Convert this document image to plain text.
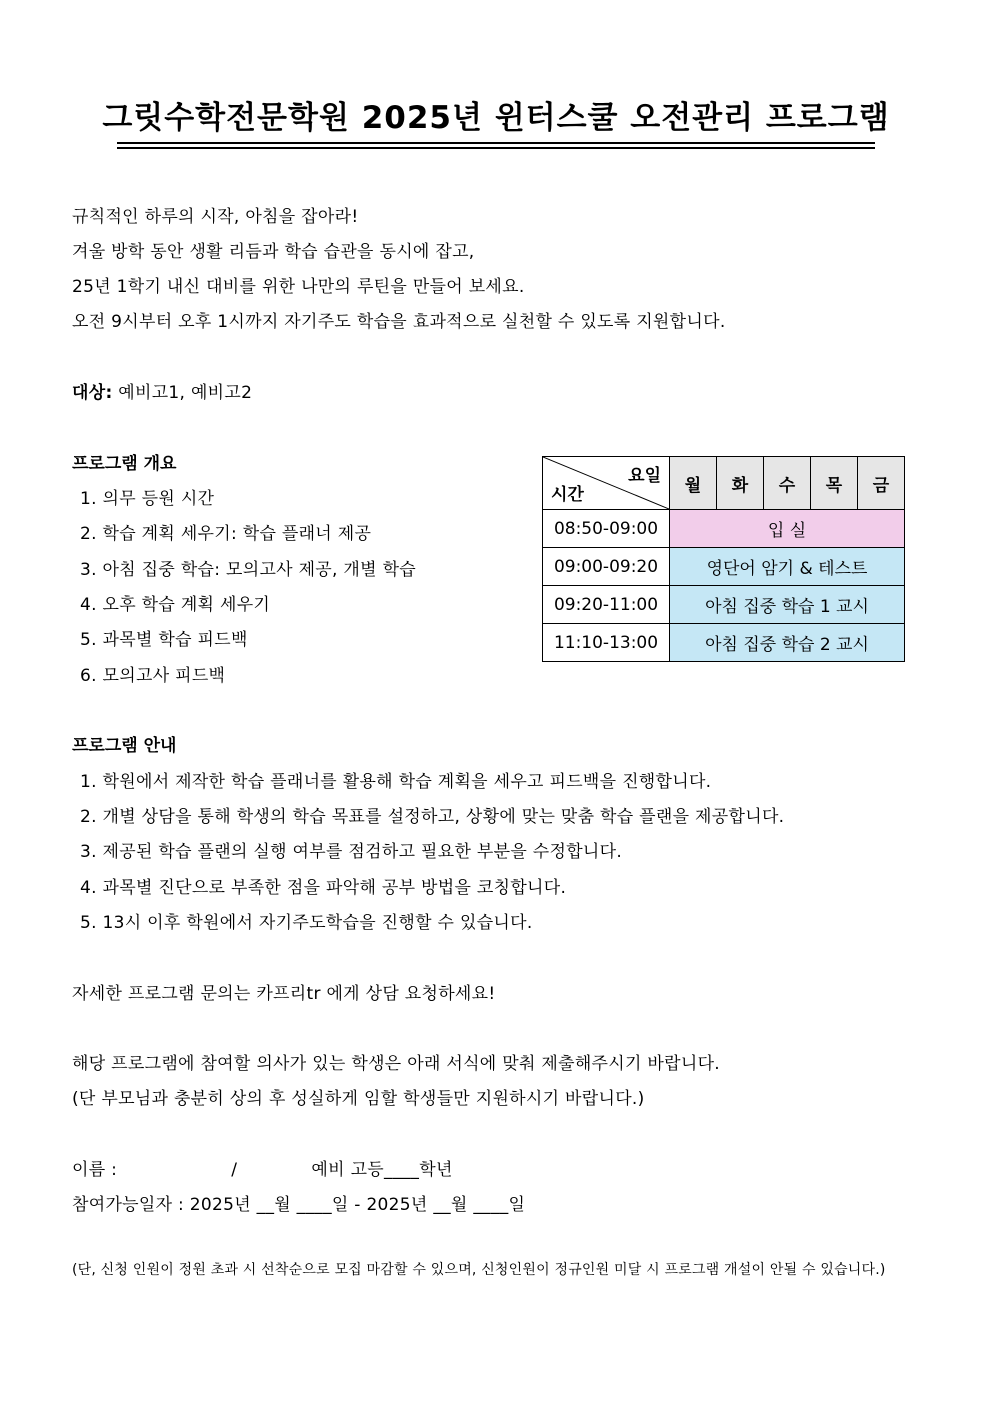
그릿수학전문학원 2025년 윈터스쿨 오전관리 프로그램
규칙적인 하루의 시작, 아침을 잡아라!
겨울 방학 동안 생활 리듬과 학습 습관을 동시에 잡고,
25년 1학기 내신 대비를 위한 나만의 루틴을 만들어 보세요.
오전 9시부터 오후 1시까지 자기주도 학습을 효과적으로 실천할 수 있도록 지원합니다.
대상: 예비고1, 예비고2
프로그램 개요
1. 의무 등원 시간
2. 학습 계획 세우기: 학습 플래너 제공
3. 아침 집중 학습: 모의고사 제공, 개별 학습
4. 오후 학습 계획 세우기
5. 과목별 학습 피드백
6. 모의고사 피드백
요일
시간	월	화	수	목	금
08:50-09:00	입 실				
09:00-09:20	영단어 암기 & 테스트				
09:20-11:00	아침 집중 학습 1 교시				
11:10-13:00	아침 집중 학습 2 교시				
프로그램 안내
1. 학원에서 제작한 학습 플래너를 활용해 학습 계획을 세우고 피드백을 진행합니다.
2. 개별 상담을 통해 학생의 학습 목표를 설정하고, 상황에 맞는 맞춤 학습 플랜을 제공합니다.
3. 제공된 학습 플랜의 실행 여부를 점검하고 필요한 부분을 수정합니다.
4. 과목별 진단으로 부족한 점을 파악해 공부 방법을 코칭합니다.
5. 13시 이후 학원에서 자기주도학습을 진행할 수 있습니다.
자세한 프로그램 문의는 카프리tr 에게 상담 요청하세요!
해당 프로그램에 참여할 의사가 있는 학생은 아래 서식에 맞춰 제출해주시기 바랍니다.
(단 부모님과 충분히 상의 후 성실하게 임할 학생들만 지원하시기 바랍니다.)
이름 :                    /             예비 고등____학년
참여가능일자 : 2025년 __월 ____일 - 2025년 __월 ____일
(단, 신청 인원이 정원 초과 시 선착순으로 모집 마감할 수 있으며, 신청인원이 정규인원 미달 시 프로그램 개설이 안될 수 있습니다.)
